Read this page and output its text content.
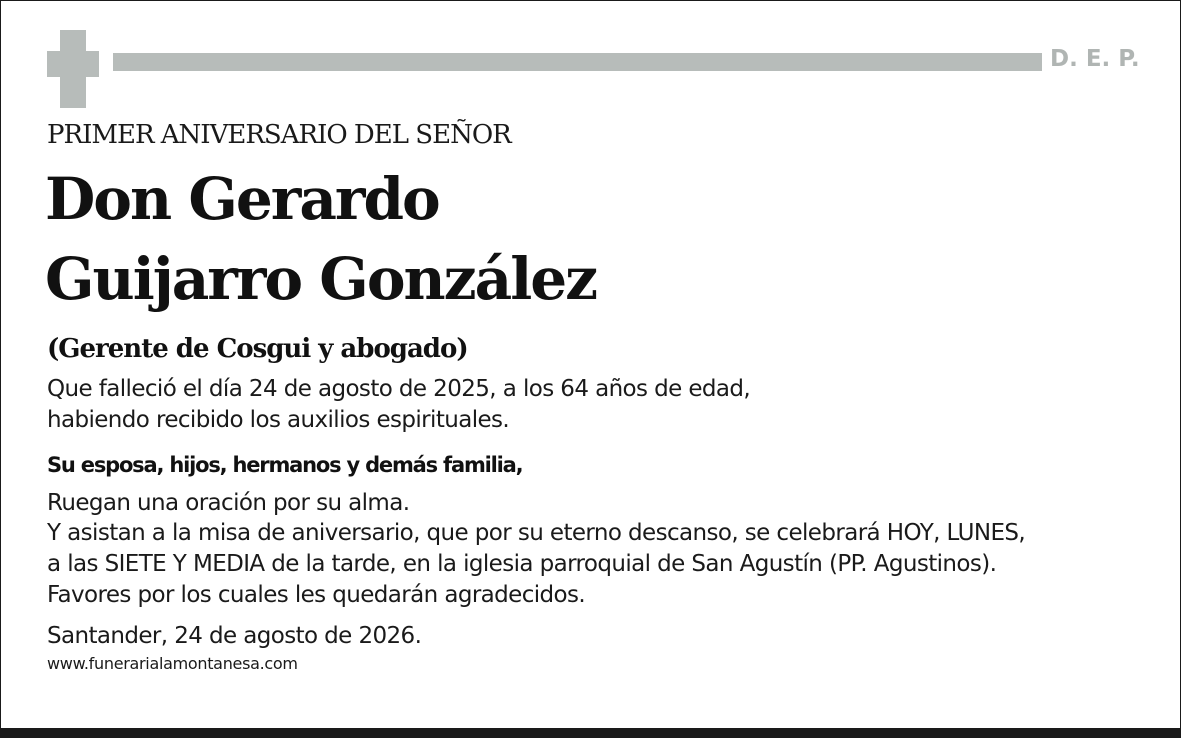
D. E. P.
PRIMER ANIVERSARIO DEL SEÑOR
Don Gerardo
Guijarro González
(Gerente de Cosgui y abogado)
Que falleció el día 24 de agosto de 2025, a los 64 años de edad,
habiendo recibido los auxilios espirituales.
Su esposa, hijos, hermanos y demás familia,
Ruegan una oración por su alma.
Y asistan a la misa de aniversario, que por su eterno descanso, se celebrará HOY, LUNES,
a las SIETE Y MEDIA de la tarde, en la iglesia parroquial de San Agustín (PP. Agustinos).
Favores por los cuales les quedarán agradecidos.
Santander, 24 de agosto de 2026.
www.funerarialamontanesa.com
